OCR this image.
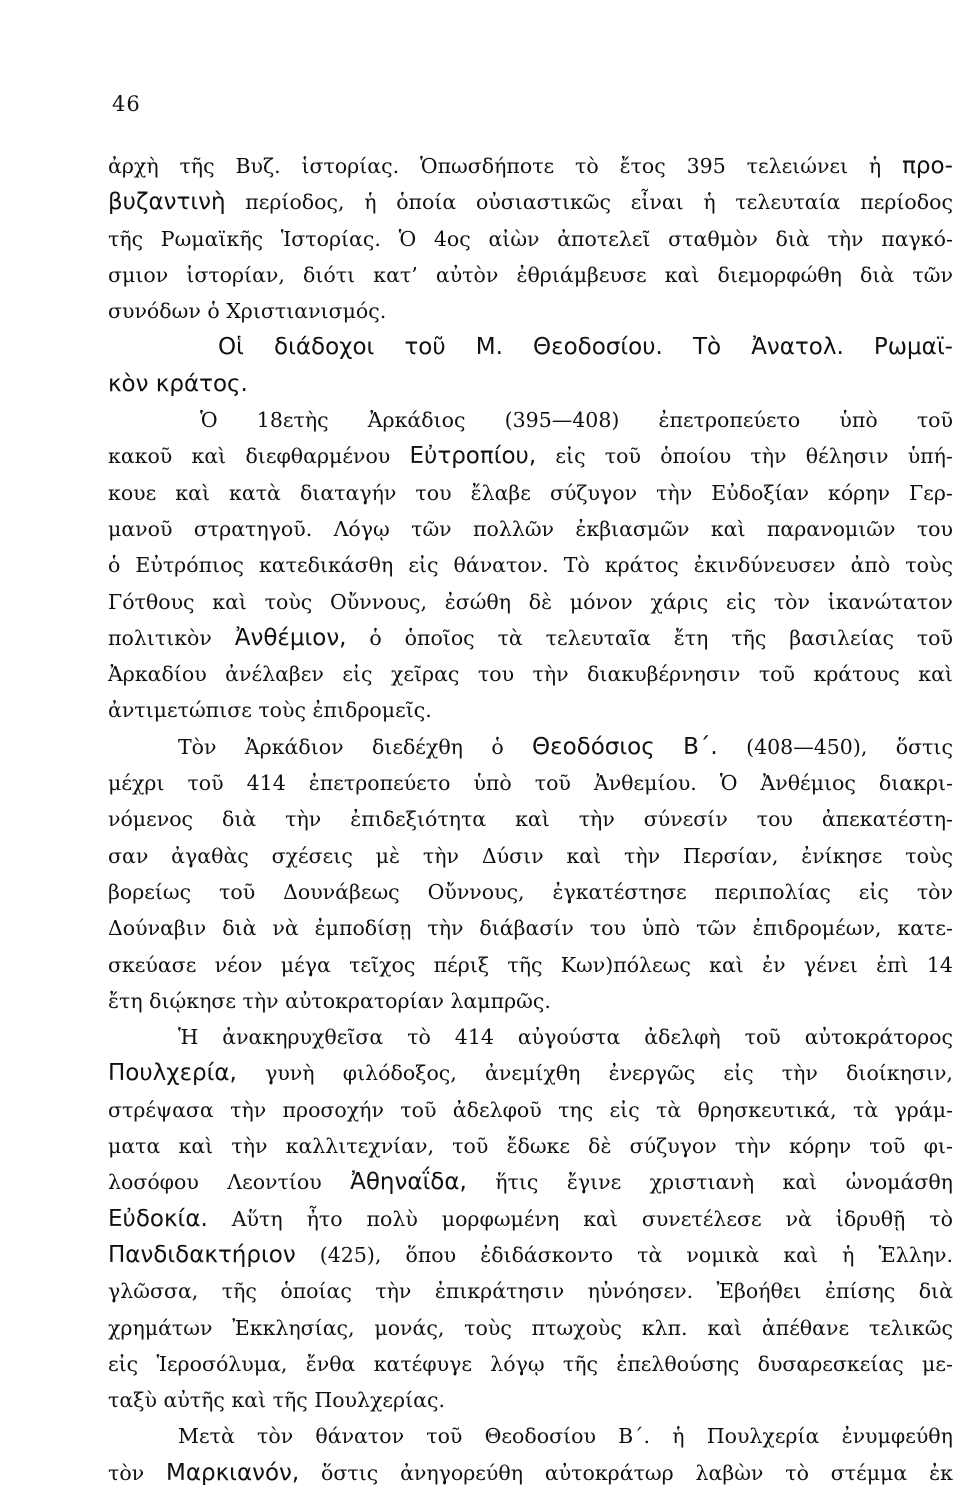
46
ἀρχὴ τῆς Βυζ. ἱστορίας. Ὁπωσδήποτε τὸ ἔτος 395 τελειώνει ἡ προ-
βυζαντινὴ περίοδος, ἡ ὁποία οὐσιαστικῶς εἶναι ἡ τελευταία περίοδος
τῆς Ρωμαϊκῆς Ἱστορίας. Ὁ 4ος αἰὼν ἀποτελεῖ σταθμὸν διὰ τὴν παγκό-
σμιον ἱστορίαν, διότι κατ’ αὐτὸν ἐθριάμβευσε καὶ διεμορφώθη διὰ τῶν
συνόδων
ὁ
Χριστιανισμός.

Οἱ διάδοχοι τοῦ Μ. Θεοδοσίου. Τὸ Ἀνατολ. Ρωμαϊ-
κὸν
κράτος.

Ὁ 18ετὴς Ἀρκάδιος (395—408) ἐπετροπεύετο ὑπὸ τοῦ
κακοῦ καὶ διεφθαρμένου Εὐτροπίου, εἰς τοῦ ὁποίου τὴν θέλησιν ὑπή-
κουε καὶ κατὰ διαταγήν του ἔλαβε σύζυγον τὴν Εὐδοξίαν κόρην Γερ-
μανοῦ στρατηγοῦ. Λόγῳ τῶν πολλῶν ἐκβιασμῶν καὶ παρανομιῶν του
ὁ Εὐτρόπιος κατεδικάσθη εἰς θάνατον. Τὸ κράτος ἐκινδύνευσεν ἀπὸ τοὺς
Γότθους καὶ τοὺς Οὔννους, ἐσώθη δὲ μόνον χάρις εἰς τὸν ἱκανώτατον
πολιτικὸν Ἀνθέμιον, ὁ ὁποῖος τὰ τελευταῖα ἔτη τῆς βασιλείας τοῦ
Ἀρκαδίου ἀνέλαβεν εἰς χεῖρας του τὴν διακυβέρνησιν τοῦ κράτους καὶ
ἀντιμετώπισε
τοὺς
ἐπιδρομεῖς.

Τὸν Ἀρκάδιον διεδέχθη ὁ Θεοδόσιος Β΄. (408—450), ὅστις
μέχρι τοῦ 414 ἐπετροπεύετο ὑπὸ τοῦ Ἀνθεμίου. Ὁ Ἀνθέμιος διακρι-
νόμενος διὰ τὴν ἐπιδεξιότητα καὶ τὴν σύνεσίν του ἀπεκατέστη-
σαν ἀγαθὰς σχέσεις μὲ τὴν Δύσιν καὶ τὴν Περσίαν, ἐνίκησε τοὺς
βορείως τοῦ Δουνάβεως Οὔννους, ἐγκατέστησε περιπολίας εἰς τὸν
Δούναβιν διὰ νὰ ἐμποδίσῃ τὴν διάβασίν του ὑπὸ τῶν ἐπιδρομέων, κατε-
σκεύασε νέον μέγα τεῖχος πέριξ τῆς Κων)πόλεως καὶ ἐν γένει ἐπὶ 14
ἔτη
διῴκησε
τὴν
αὐτοκρατορίαν
λαμπρῶς.

Ἡ ἀνακηρυχθεῖσα τὸ 414 αὐγούστα ἀδελφὴ τοῦ αὐτοκράτορος
Πουλχερία, γυνὴ φιλόδοξος, ἀνεμίχθη ἐνεργῶς εἰς τὴν διοίκησιν,
στρέψασα τὴν προσοχήν τοῦ ἀδελφοῦ της εἰς τὰ θρησκευτικά, τὰ γράμ-
ματα καὶ τὴν καλλιτεχνίαν, τοῦ ἔδωκε δὲ σύζυγον τὴν κόρην τοῦ φι-
λοσόφου Λεοντίου Ἀθηναΐδα, ἥτις ἔγινε χριστιανὴ καὶ ὠνομάσθη
Εὐδοκία. Αὕτη ἦτο πολὺ μορφωμένη καὶ συνετέλεσε νὰ ἱδρυθῇ τὸ
Πανδιδακτήριον (425), ὅπου ἐδιδάσκοντο τὰ νομικὰ καὶ ἡ Ἑλλην.
γλῶσσα, τῆς ὁποίας τὴν ἐπικράτησιν ηὐνόησεν. Ἐβοήθει ἐπίσης διὰ
χρημάτων Ἐκκλησίας, μονάς, τοὺς πτωχοὺς κλπ. καὶ ἀπέθανε τελικῶς
εἰς Ἱεροσόλυμα, ἔνθα κατέφυγε λόγῳ τῆς ἐπελθούσης δυσαρεσκείας με-
ταξὺ
αὐτῆς
καὶ
τῆς
Πουλχερίας.

Μετὰ τὸν θάνατον τοῦ Θεοδοσίου Β΄. ἡ Πουλχερία ἐνυμφεύθη
τὸν Μαρκιανόν, ὅστις ἀνηγορεύθη αὐτοκράτωρ λαβὼν τὸ στέμμα ἐκ
